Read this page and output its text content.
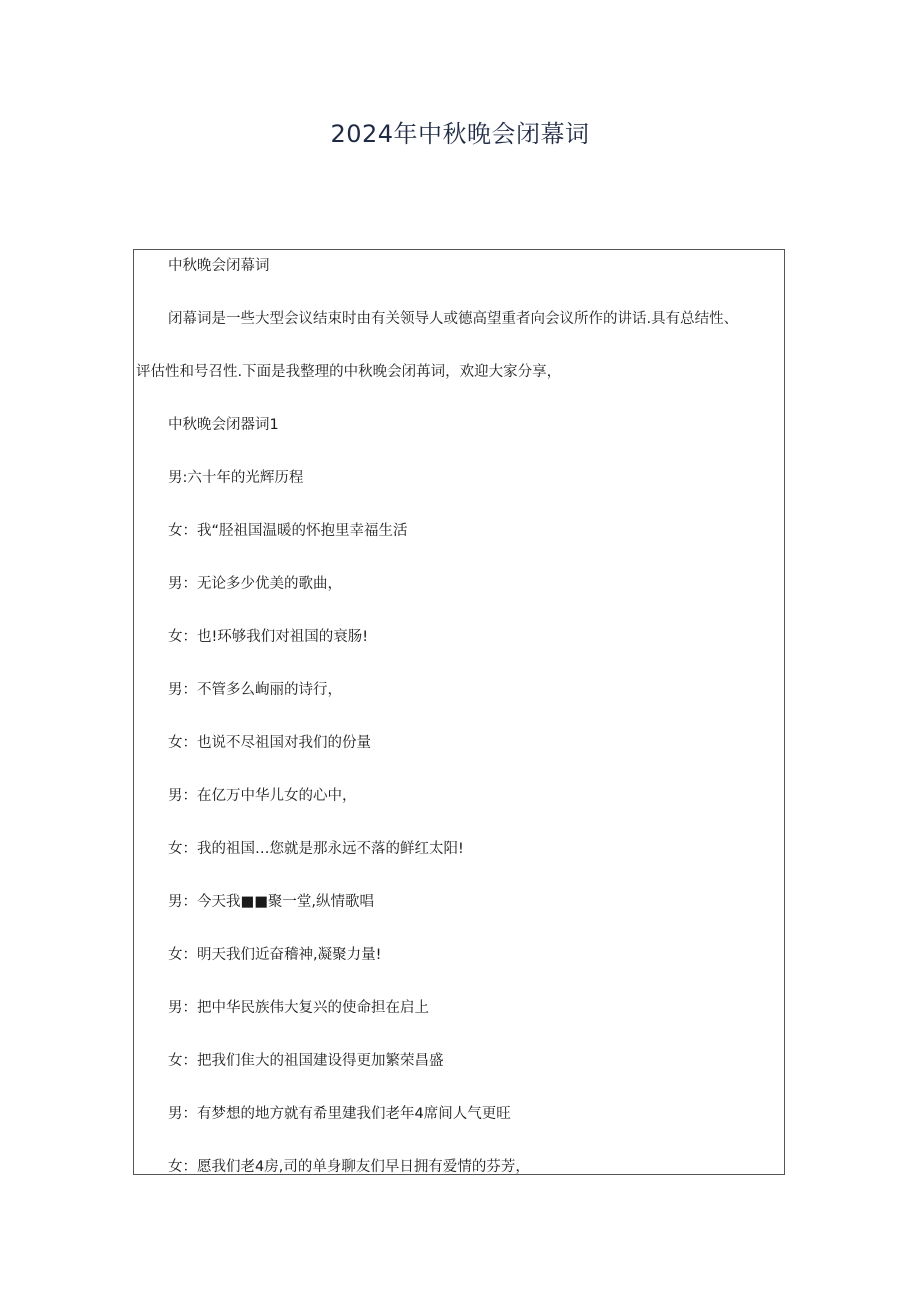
2024年中秋晚会闭幕词
中秋晚会闭幕词
闭幕词是一些大型会议结束时由有关领导人或德高望重者向会议所作的讲话.具有总结性、
评估性和号召性.下面是我整理的中秋晚会闭苒词，欢迎大家分享，
中秋晚会闭器词1
男:六十年的光辉历程
女：我“胫祖国温暖的怀抱里幸福生活
男：无论多少优美的歌曲，
女：也!环够我们对祖国的衰肠!
男：不管多么峋丽的诗行，
女：也说不尽祖国对我们的份量
男：在亿万中华儿女的心中，
女：我的祖国…您就是那永远不落的鲜红太阳!
男：今天我■■聚一堂,纵情歌唱
女：明天我们近奋稽神,凝聚力量!
男：把中华民族伟大复兴的使命担在启上
女：把我们隹大的祖国建设得更加繁荣昌盛
男：有梦想的地方就有希里建我们老年4席间人气更旺
女：愿我们老4房,司的单身聊友们早日拥有爱情的芬芳，
